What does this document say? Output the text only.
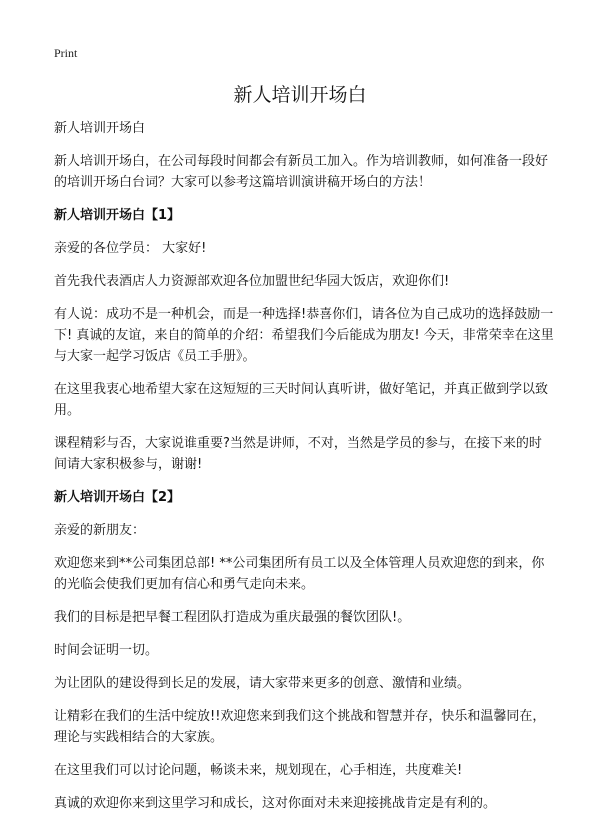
Print
新人培训开场白

新人培训开场白

新人培训开场白，在公司每段时间都会有新员工加入。作为培训教师，如何准备一段好的培训开场白台词？大家可以参考这篇培训演讲稿开场白的方法！

新人培训开场白【1】

亲爱的各位学员： 大家好!

首先我代表酒店人力资源部欢迎各位加盟世纪华园大饭店，欢迎你们!

有人说：成功不是一种机会，而是一种选择!恭喜你们，请各位为自己成功的选择鼓励一下! 真诚的友谊，来自的简单的介绍：希望我们今后能成为朋友! 今天，非常荣幸在这里与大家一起学习饭店《员工手册》。

在这里我衷心地希望大家在这短短的三天时间认真听讲，做好笔记，并真正做到学以致用。

课程精彩与否，大家说谁重要?当然是讲师，不对，当然是学员的参与，在接下来的时间请大家积极参与，谢谢!

新人培训开场白【2】

亲爱的新朋友：

欢迎您来到**公司集团总部! **公司集团所有员工以及全体管理人员欢迎您的到来，你的光临会使我们更加有信心和勇气走向未来。

我们的目标是把早餐工程团队打造成为重庆最强的餐饮团队!。

时间会证明一切。

为让团队的建设得到长足的发展，请大家带来更多的创意、激情和业绩。

让精彩在我们的生活中绽放!!欢迎您来到我们这个挑战和智慧并存，快乐和温馨同在，理论与实践相结合的大家族。

在这里我们可以讨论问题，畅谈未来，规划现在，心手相连，共度难关!

真诚的欢迎你来到这里学习和成长，这对你面对未来迎接挑战肯定是有利的。
